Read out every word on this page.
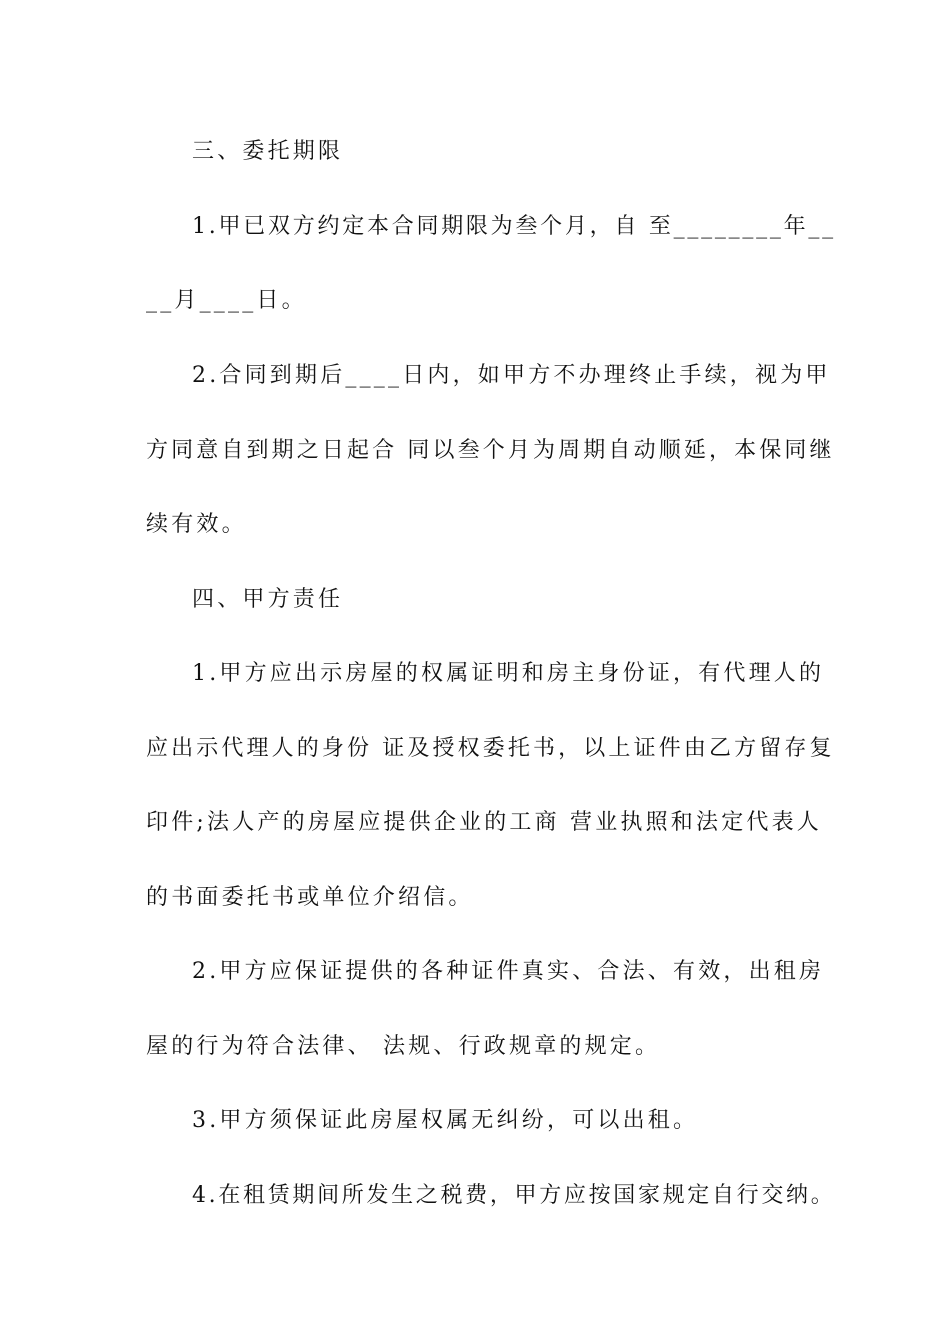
三、委托期限
1.甲已双方约定本合同期限为叁个月，自 至________年__
__月____日。
2.合同到期后____日内，如甲方不办理终止手续，视为甲
方同意自到期之日起合 同以叁个月为周期自动顺延，本保同继
续有效。
四、甲方责任
1.甲方应出示房屋的权属证明和房主身份证，有代理人的
应出示代理人的身份 证及授权委托书，以上证件由乙方留存复
印件;法人产的房屋应提供企业的工商 营业执照和法定代表人
的书面委托书或单位介绍信。
2.甲方应保证提供的各种证件真实、合法、有效，出租房
屋的行为符合法律、 法规、行政规章的规定。
3.甲方须保证此房屋权属无纠纷，可以出租。
4.在租赁期间所发生之税费，甲方应按国家规定自行交纳。
